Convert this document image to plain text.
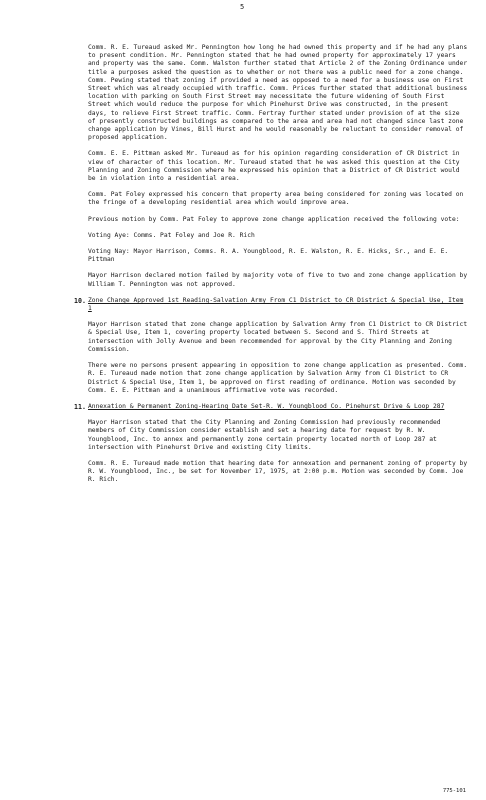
5

Comm. R. E. Tureaud asked Mr. Pennington how long he had owned this property and if he had any plans to present condition. Mr. Pennington stated that he had owned property for approximately 17 years and property was the same. Comm. Walston further stated that Article 2 of the Zoning Ordinance under title a purposes asked the question as to whether or not there was a public need for a zone change. Comm. Pewing stated that zoning if provided a need as opposed to a need for a business use on First Street which was already occupied with traffic. Comm. Prices further stated that additional business location with parking on South First Street may necessitate the future widening of South First Street which would reduce the purpose for which Pinehurst Drive was constructed, in the present days, to relieve First Street traffic. Comm. Fertray further stated under provision of at the size of presently constructed buildings as compared to the area and area had not changed since last zone change application by Vines, Bill Hurst and he would reasonably be reluctant to consider removal of proposed application.

Comm. E. E. Pittman asked Mr. Tureaud as for his opinion regarding consideration of CR District in view of character of this location. Mr. Tureaud stated that he was asked this question at the City Planning and Zoning Commission where he expressed his opinion that a District of CR District would be in violation into a residential area.

Comm. Pat Foley expressed his concern that property area being considered for zoning was located on the fringe of a developing residential area which would improve area.

Previous motion by Comm. Pat Foley to approve zone change application received the following vote:

Voting Aye: Comms. Pat Foley and Joe R. Rich

Voting Nay: Mayor Harrison, Comms. R. A. Youngblood, R. E. Walston, R. E. Hicks, Sr., and E. E. Pittman

Mayor Harrison declared motion failed by majority vote of five to two and zone change application by William T. Pennington was not approved.

10. Zone Change Approved 1st Reading-Salvation Army From C1 District to CR District & Special Use, Item 1

Mayor Harrison stated that zone change application by Salvation Army from C1 District to CR District & Special Use, Item 1, covering property located between S. Second and S. Third Streets at intersection with Jolly Avenue and been recommended for approval by the City Planning and Zoning Commission.

There were no persons present appearing in opposition to zone change application as presented. Comm. R. E. Tureaud made motion that zone change application by Salvation Army from C1 District to CR District & Special Use, Item 1, be approved on first reading of ordinance. Motion was seconded by Comm. E. E. Pittman and a unanimous affirmative vote was recorded.

11. Annexation & Permanent Zoning-Hearing Date Set-R. W. Youngblood Co. Pinehurst Drive & Loop 287

Mayor Harrison stated that the City Planning and Zoning Commission had previously recommended members of City Commission consider establish and set a hearing date for request by R. W. Youngblood, Inc. to annex and permanently zone certain property located north of Loop 287 at intersection with Pinehurst Drive and existing City limits.

Comm. R. E. Tureaud made motion that hearing date for annexation and permanent zoning of property by R. W. Youngblood, Inc., be set for November 17, 1975, at 2:00 p.m. Motion was seconded by Comm. Joe R. Rich.

775-101
